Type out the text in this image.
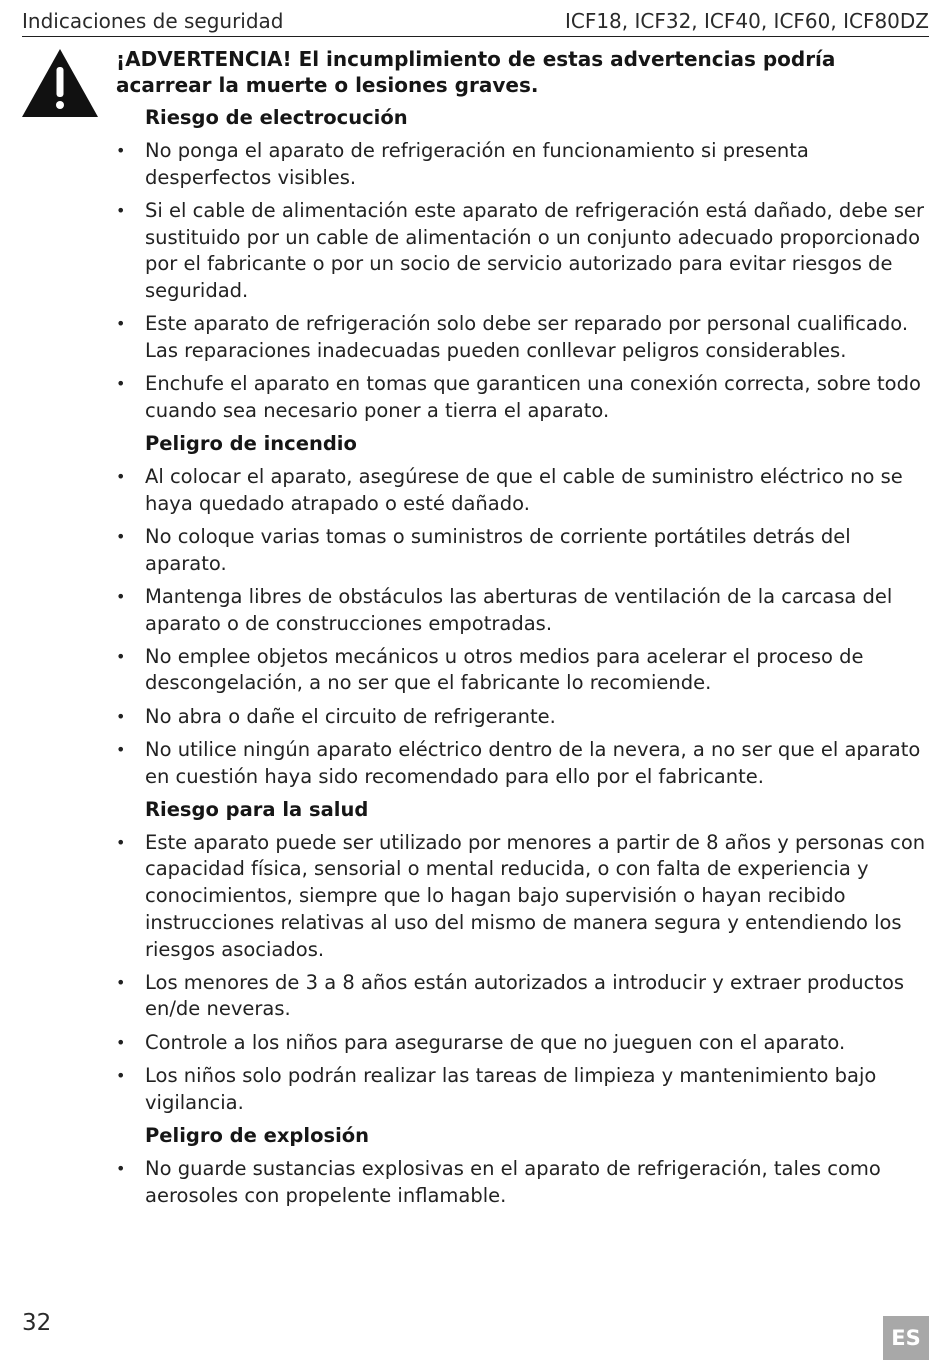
Indicaciones de seguridad	ICF18, ICF32, ICF40, ICF60, ICF80DZ
¡ADVERTENCIA! El incumplimiento de estas advertencias podría acarrear la muerte o lesiones graves.
Riesgo de electrocución
• No ponga el aparato de refrigeración en funcionamiento si presenta desperfectos visibles.
• Si el cable de alimentación este aparato de refrigeración está dañado, debe ser sustituido por un cable de alimentación o un conjunto adecuado proporcionado por el fabricante o por un socio de servicio autorizado para evitar riesgos de seguridad.
• Este aparato de refrigeración solo debe ser reparado por personal cualificado. Las reparaciones inadecuadas pueden conllevar peligros considerables.
• Enchufe el aparato en tomas que garanticen una conexión correcta, sobre todo cuando sea necesario poner a tierra el aparato.
Peligro de incendio
• Al colocar el aparato, asegúrese de que el cable de suministro eléctrico no se haya quedado atrapado o esté dañado.
• No coloque varias tomas o suministros de corriente portátiles detrás del aparato.
• Mantenga libres de obstáculos las aberturas de ventilación de la carcasa del aparato o de construcciones empotradas.
• No emplee objetos mecánicos u otros medios para acelerar el proceso de descongelación, a no ser que el fabricante lo recomiende.
• No abra o dañe el circuito de refrigerante.
• No utilice ningún aparato eléctrico dentro de la nevera, a no ser que el aparato en cuestión haya sido recomendado para ello por el fabricante.
Riesgo para la salud
• Este aparato puede ser utilizado por menores a partir de 8 años y personas con capacidad física, sensorial o mental reducida, o con falta de experiencia y conocimientos, siempre que lo hagan bajo supervisión o hayan recibido instrucciones relativas al uso del mismo de manera segura y entendiendo los riesgos asociados.
• Los menores de 3 a 8 años están autorizados a introducir y extraer productos en/de neveras.
• Controle a los niños para asegurarse de que no jueguen con el aparato.
• Los niños solo podrán realizar las tareas de limpieza y mantenimiento bajo vigilancia.
Peligro de explosión
• No guarde sustancias explosivas en el aparato de refrigeración, tales como aerosoles con propelente inflamable.
32
ES
